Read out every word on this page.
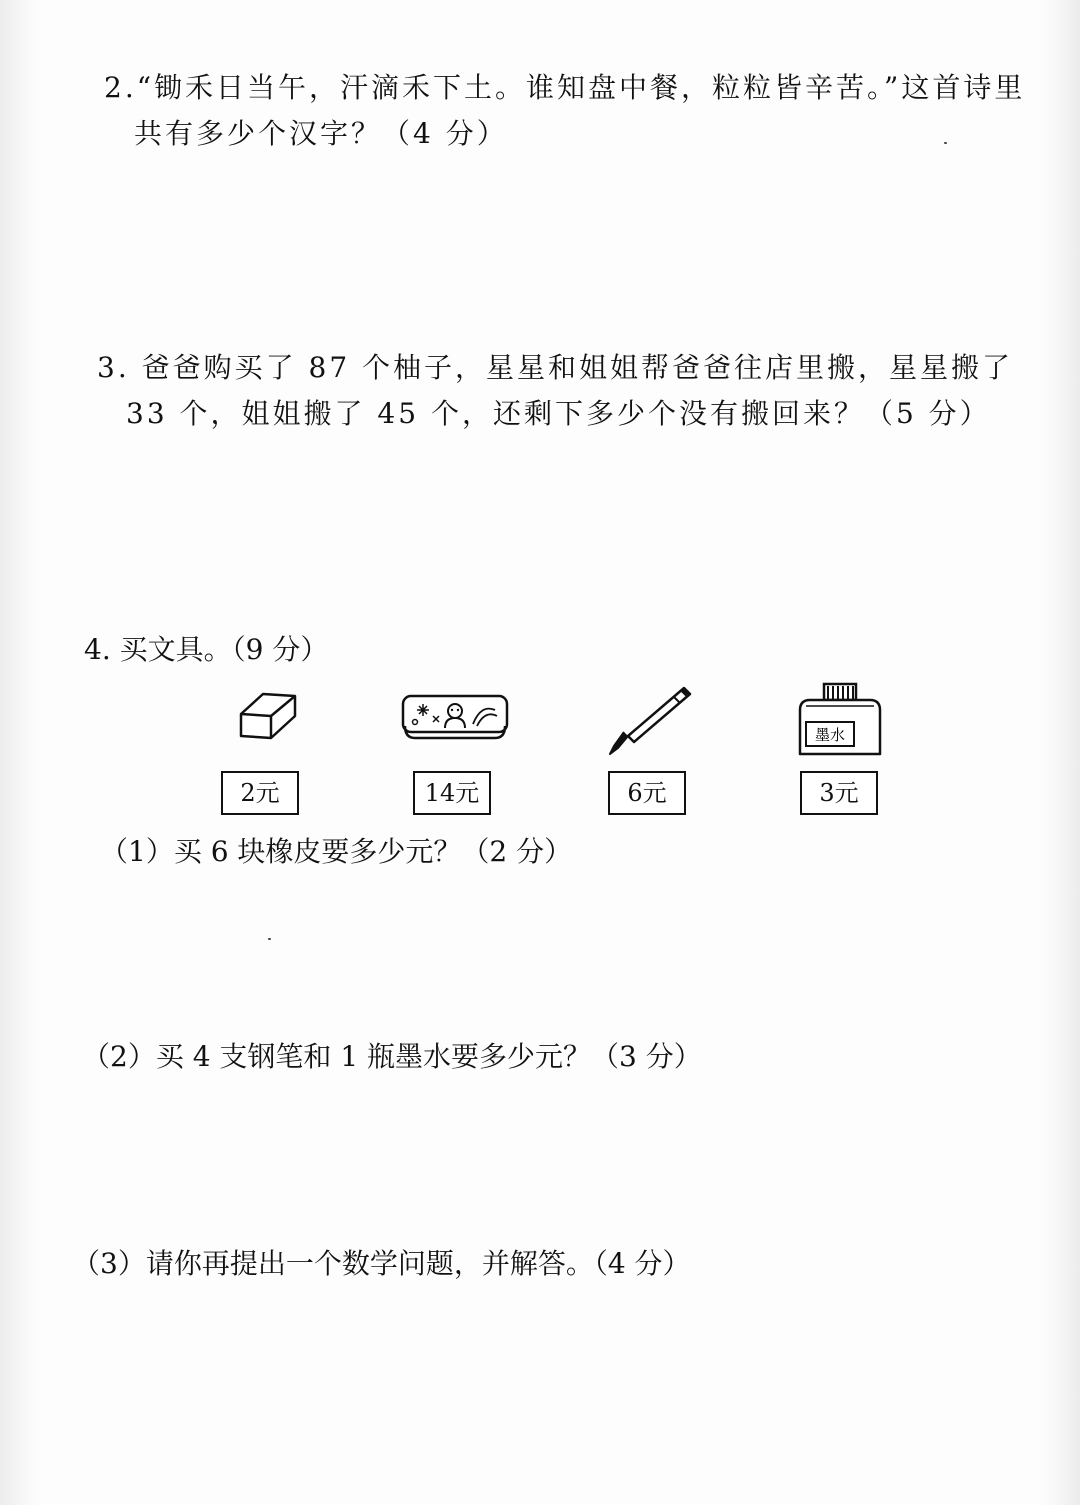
2.“锄禾日当午，汗滴禾下土。谁知盘中餐，粒粒皆辛苦。”这首诗里

共有多少个汉字？（4 分）

3. 爸爸购买了 87 个柚子，星星和姐姐帮爸爸往店里搬，星星搬了

33 个，姐姐搬了 45 个，还剩下多少个没有搬回来？（5 分）

4. 买文具。（9 分）

墨水
2元	14元	6元	3元

（1）买 6 块橡皮要多少元？（2 分）

（2）买 4 支钢笔和 1 瓶墨水要多少元？（3 分）

（3）请你再提出一个数学问题，并解答。（4 分）
